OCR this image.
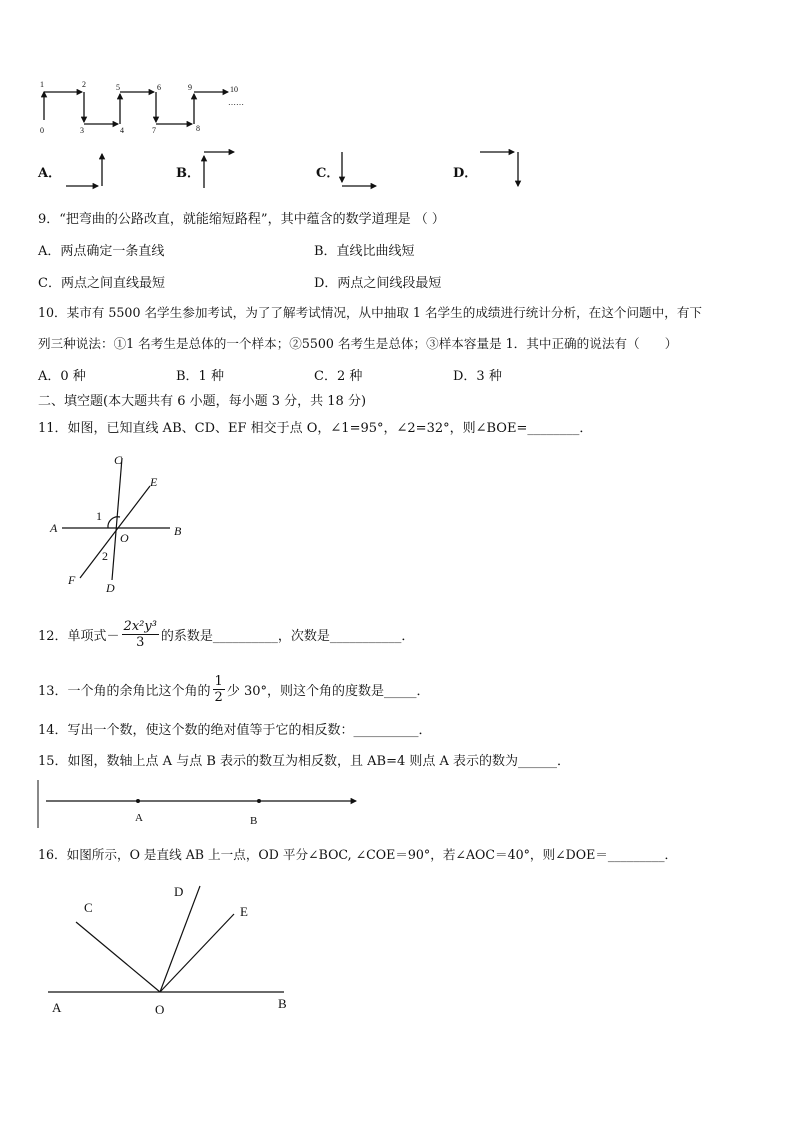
1	2	5	6	9	10
0	3	4	7	8
……
A．	B．	C．	D．
9．“把弯曲的公路改直，就能缩短路程”，其中蕴含的数学道理是 （ ）
A．两点确定一条直线	B．直线比曲线短
C．两点之间直线最短	D．两点之间线段最短
10．某市有 5500 名学生参加考试，为了了解考试情况，从中抽取 1 名学生的成绩进行统计分析，在这个问题中，有下
列三种说法：①1 名考生是总体的一个样本；②5500 名考生是总体；③样本容量是 1．其中正确的说法有（　　）
A．0 种	B．1 种	C．2 种	D．3 种
二、填空题(本大题共有 6 小题，每小题 3 分，共 18 分)
11．如图，已知直线 AB、CD、EF 相交于点 O，∠1=95°，∠2=32°，则∠BOE=________．
C
E
A	B
O
F
D
1
2
12．单项式－ $\frac{\text{2x²y³}}{3}$ 的系数是__________，次数是___________．
13．一个角的余角比这个角的 $\frac{1}{2}$ 少 30°，则这个角的度数是_____．
14．写出一个数，使这个数的绝对值等于它的相反数：__________．
15．如图，数轴上点 A 与点 B 表示的数互为相反数，且 AB=4 则点 A 表示的数为______．
A	B
16．如图所示，O 是直线 AB 上一点，OD 平分∠BOC, ∠COE＝90°，若∠AOC＝40°，则∠DOE＝_________．
C
D
E
A	O	B
